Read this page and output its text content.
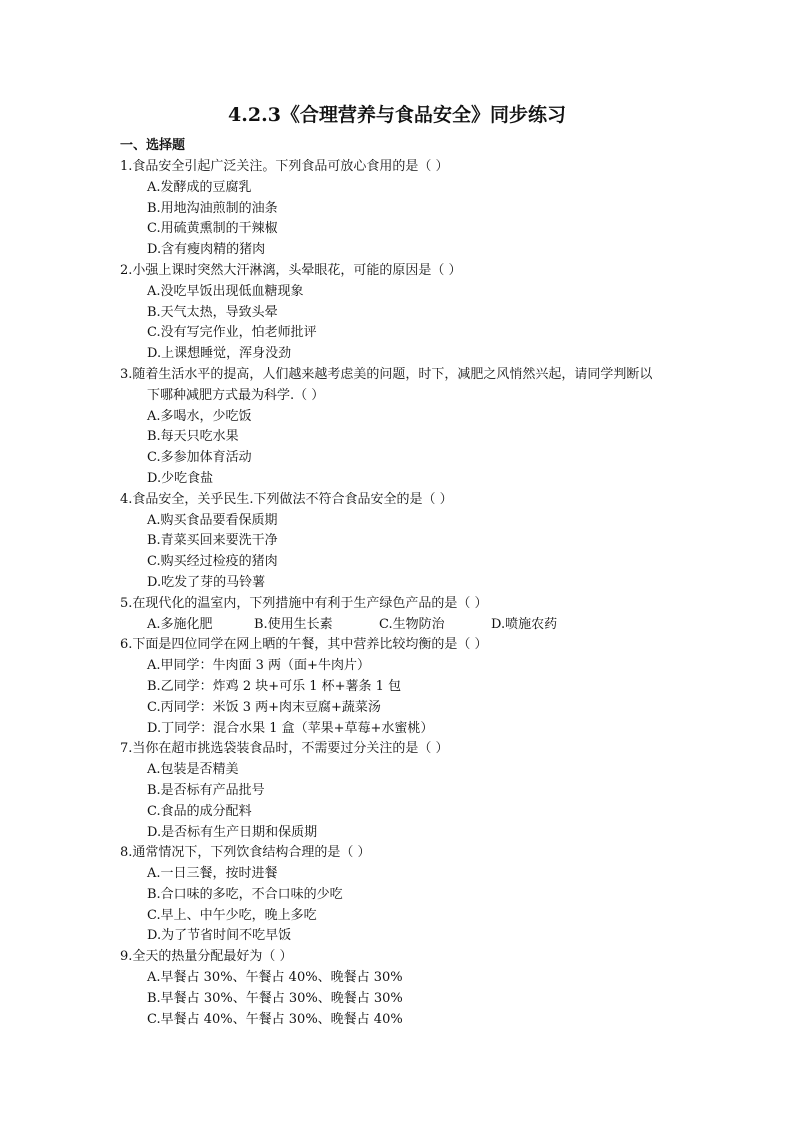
4.2.3《合理营养与食品安全》同步练习
一、选择题
1.食品安全引起广泛关注。下列食品可放心食用的是（ ）
A.发酵成的豆腐乳
B.用地沟油煎制的油条
C.用硫黄熏制的干辣椒
D.含有瘦肉精的猪肉
2.小强上课时突然大汗淋漓，头晕眼花，可能的原因是（ ）
A.没吃早饭出现低血糖现象
B.天气太热，导致头晕
C.没有写完作业，怕老师批评
D.上课想睡觉，浑身没劲
3.随着生活水平的提高，人们越来越考虑美的问题，时下，减肥之风悄然兴起，请同学判断以
下哪种减肥方式最为科学.（ ）
A.多喝水，少吃饭
B.每天只吃水果
C.多参加体育活动
D.少吃食盐
4.食品安全，关乎民生.下列做法不符合食品安全的是（ ）
A.购买食品要看保质期
B.青菜买回来要洗干净
C.购买经过检疫的猪肉
D.吃发了芽的马铃薯
5.在现代化的温室内，下列措施中有利于生产绿色产品的是（ ）
A.多施化肥	B.使用生长素	C.生物防治	D.喷施农药
6.下面是四位同学在网上晒的午餐，其中营养比较均衡的是（ ）
A.甲同学：牛肉面 3 两（面+牛肉片）
B.乙同学：炸鸡 2 块+可乐 1 杯+薯条 1 包
C.丙同学：米饭 3 两+肉末豆腐+蔬菜汤
D.丁同学：混合水果 1 盒（苹果+草莓+水蜜桃）
7.当你在超市挑选袋装食品时，不需要过分关注的是（ ）
A.包装是否精美
B.是否标有产品批号
C.食品的成分配料
D.是否标有生产日期和保质期
8.通常情况下，下列饮食结构合理的是（ ）
A.一日三餐，按时进餐
B.合口味的多吃，不合口味的少吃
C.早上、中午少吃，晚上多吃
D.为了节省时间不吃早饭
9.全天的热量分配最好为（ ）
A.早餐占 30%、午餐占 40%、晚餐占 30%
B.早餐占 30%、午餐占 30%、晚餐占 30%
C.早餐占 40%、午餐占 30%、晚餐占 40%
